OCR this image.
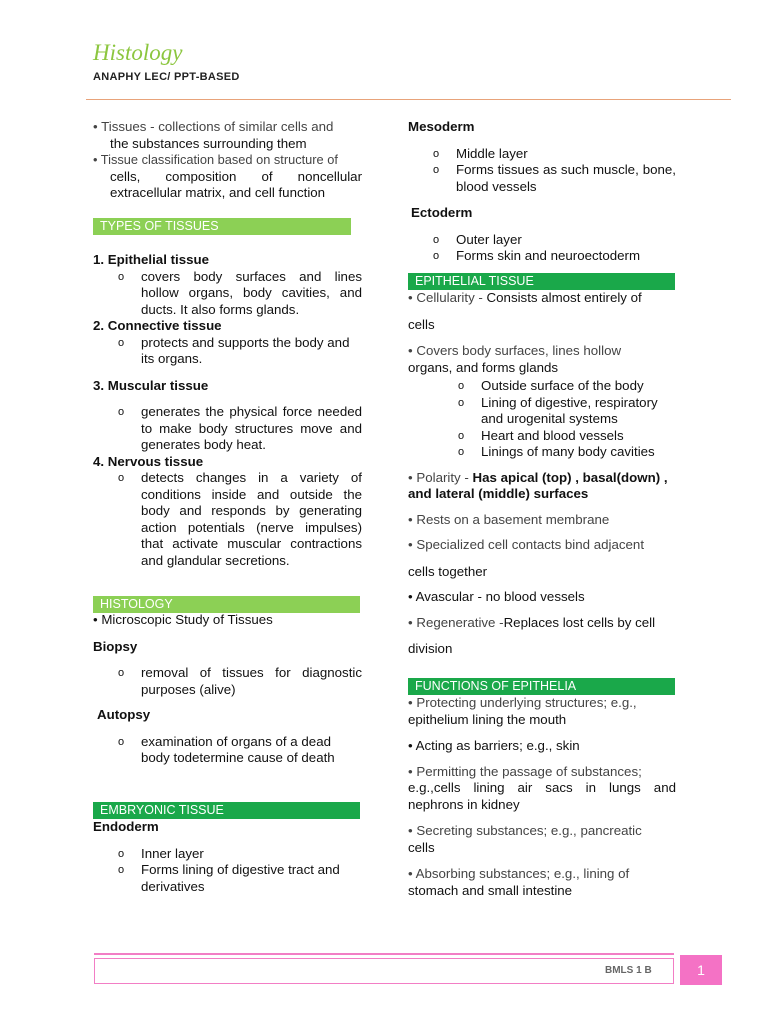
Histology
ANAPHY LEC/ PPT-BASED

• Tissues - collections of similar cells and

the substances surrounding them

• Tissue classification based on structure of

cells, composition of noncellular

extracellular matrix, and cell function

TYPES OF TISSUES

1. Epithelial tissue

o covers body surfaces and lines hollow organs, body cavities, and ducts. It also forms glands.

2. Connective tissue

o protects and supports the body and its organs.

3. Muscular tissue

o generates the physical force needed to make body structures move and generates body heat.

4. Nervous tissue

o detects changes in a variety of conditions inside and outside the body and responds by generating action potentials (nerve impulses) that activate muscular contractions and glandular secretions.

HISTOLOGY

• Microscopic Study of Tissues

Biopsy

o removal of tissues for diagnostic purposes (alive)

Autopsy

o examination of organs of a dead body todetermine cause of death

EMBRYONIC TISSUE

Endoderm

o Inner layer

o Forms lining of digestive tract and derivatives

Mesoderm

o Middle layer

o Forms tissues as such muscle, bone, blood vessels

Ectoderm

o Outer layer

o Forms skin and neuroectoderm

EPITHELIAL TISSUE

• Cellularity - Consists almost entirely of

cells

• Covers body surfaces, lines hollow

organs, and forms glands

o Outside surface of the body

o Lining of digestive, respiratory and urogenital systems

o Heart and blood vessels

o Linings of many body cavities

• Polarity - Has apical (top) , basal(down) , and lateral (middle) surfaces

• Rests on a basement membrane

• Specialized cell contacts bind adjacent

cells together

• Avascular - no blood vessels

• Regenerative -Replaces lost cells by cell

division

FUNCTIONS OF EPITHELIA

• Protecting underlying structures; e.g.,

epithelium lining the mouth

• Acting as barriers; e.g., skin

• Permitting the passage of substances;

e.g.,cells lining air sacs in lungs and nephrons in kidney

• Secreting substances; e.g., pancreatic

cells

• Absorbing substances; e.g., lining of

stomach and small intestine

BMLS 1 B	1
